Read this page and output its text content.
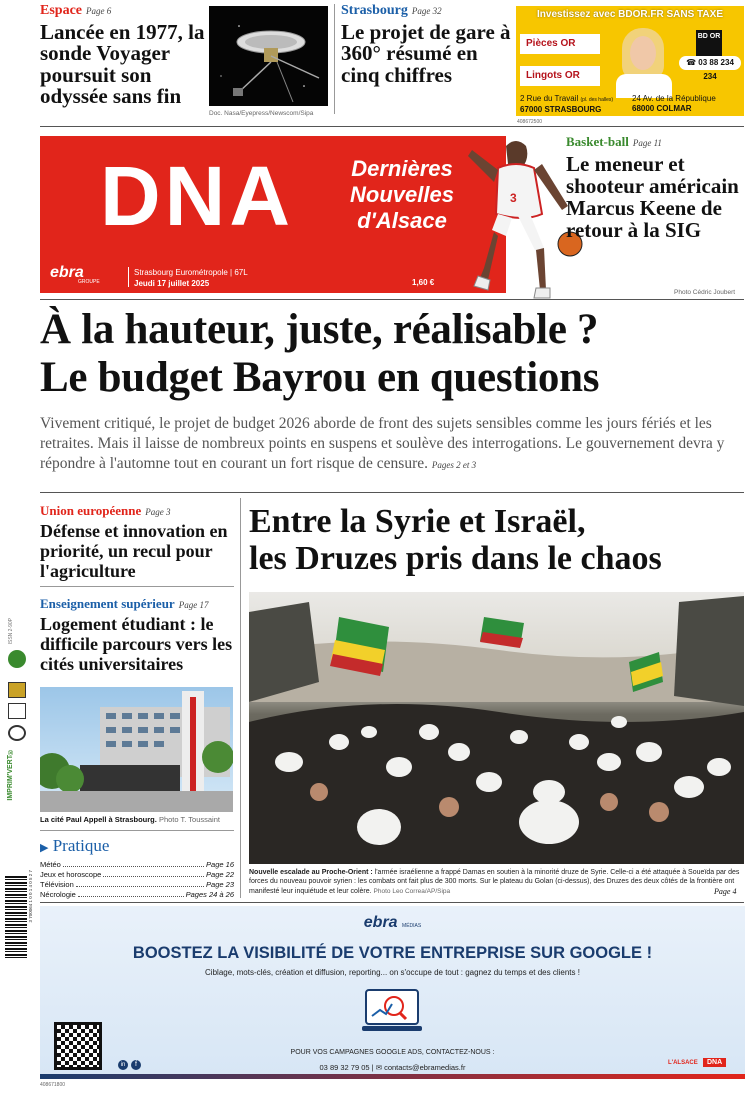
Espace Page 6
Lancée en 1977, la sonde Voyager poursuit son odyssée sans fin
Doc. Nasa/Eyepress/Newscom/Sipa
Strasbourg Page 32
Le projet de gare à 360° résumé en cinq chiffres
Investissez avec BDOR.FR SANS TAXE
Pièces OR
Lingots OR
BD OR
☎ 03 88 234 234
2 Rue du Travail (pl. des halles)
67000 STRASBOURG
24 Av. de la République
68000 COLMAR
408672500
DNA	Dernières
Nouvelles
d'Alsace
ebra
GROUPE
Strasbourg Eurométropole | 67L
Jeudi 17 juillet 2025	1,60 €
3
Basket-ball Page 11
Le meneur et shooteur américain Marcus Keene de retour à la SIG
Photo Cédric Joubert
À la hauteur, juste, réalisable ?
Le budget Bayrou en questions
Vivement critiqué, le projet de budget 2026 aborde de front des sujets sensibles comme les jours fériés et les retraites. Mais il laisse de nombreux points en suspens et soulève des interrogations. Le gouvernement devra y répondre à l'automne tout en courant un fort risque de censure. Pages 2 et 3
Union européenne Page 3
Défense et innovation en priorité, un recul pour l'agriculture
Enseignement supérieur Page 17
Logement étudiant : le difficile parcours vers les cités universitaires
La cité Paul Appell à Strasbourg. Photo T. Toussaint
▶ Pratique
Météo	Page 16
Jeux et horoscope	Page 22
Télévision	Page 23
Nécrologie	Pages 24 à 26
Entre la Syrie et Israël,
les Druzes pris dans le chaos
Nouvelle escalade au Proche-Orient : l'armée israélienne a frappé Damas en soutien à la minorité druze de Syrie. Celle-ci a été attaquée à Soueïda par des forces du nouveau pouvoir syrien : les combats ont fait plus de 300 morts. Sur le plateau du Golan (ci-dessus), des Druzes des deux côtés de la frontière ont manifesté leur inquiétude et leur colère. Photo Leo Correa/AP/Sipa	Page 4
ISSN 2-90P
IMPRIM'VERT®
3 700064 1 0 0 1 4 0 5 2 7	ebra MÉDIAS
BOOSTEZ LA VISIBILITÉ DE VOTRE ENTREPRISE SUR GOOGLE !
Ciblage, mots-clés, création et diffusion, reporting... on s'occupe de tout : gagnez du temps et des clients !
in	f
POUR VOS CAMPAGNES GOOGLE ADS, CONTACTEZ-NOUS :
03 89 32 79 05 | ✉ contacts@ebramedias.fr	L'ALSACE	DNA
408671800
